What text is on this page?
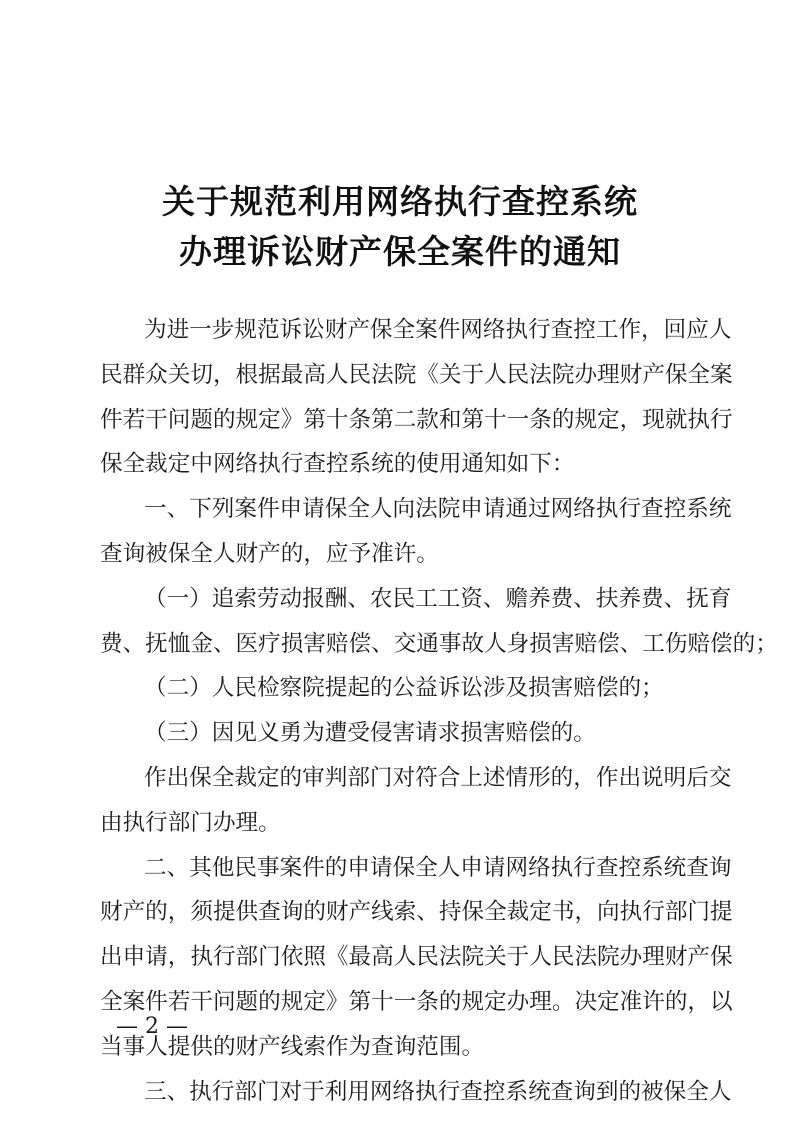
关于规范利用网络执行查控系统
办理诉讼财产保全案件的通知
为进一步规范诉讼财产保全案件网络执行查控工作，回应人
民群众关切，根据最高人民法院《关于人民法院办理财产保全案
件若干问题的规定》第十条第二款和第十一条的规定，现就执行
保全裁定中网络执行查控系统的使用通知如下：
一、下列案件申请保全人向法院申请通过网络执行查控系统
查询被保全人财产的，应予准许。
（一）追索劳动报酬、农民工工资、赡养费、扶养费、抚育
费、抚恤金、医疗损害赔偿、交通事故人身损害赔偿、工伤赔偿的；
（二）人民检察院提起的公益诉讼涉及损害赔偿的；
（三）因见义勇为遭受侵害请求损害赔偿的。
作出保全裁定的审判部门对符合上述情形的，作出说明后交
由执行部门办理。
二、其他民事案件的申请保全人申请网络执行查控系统查询
财产的，须提供查询的财产线索、持保全裁定书，向执行部门提
出申请，执行部门依照《最高人民法院关于人民法院办理财产保
全案件若干问题的规定》第十一条的规定办理。决定准许的，以
当事人提供的财产线索作为查询范围。
三、执行部门对于利用网络执行查控系统查询到的被保全人
— 2 —
